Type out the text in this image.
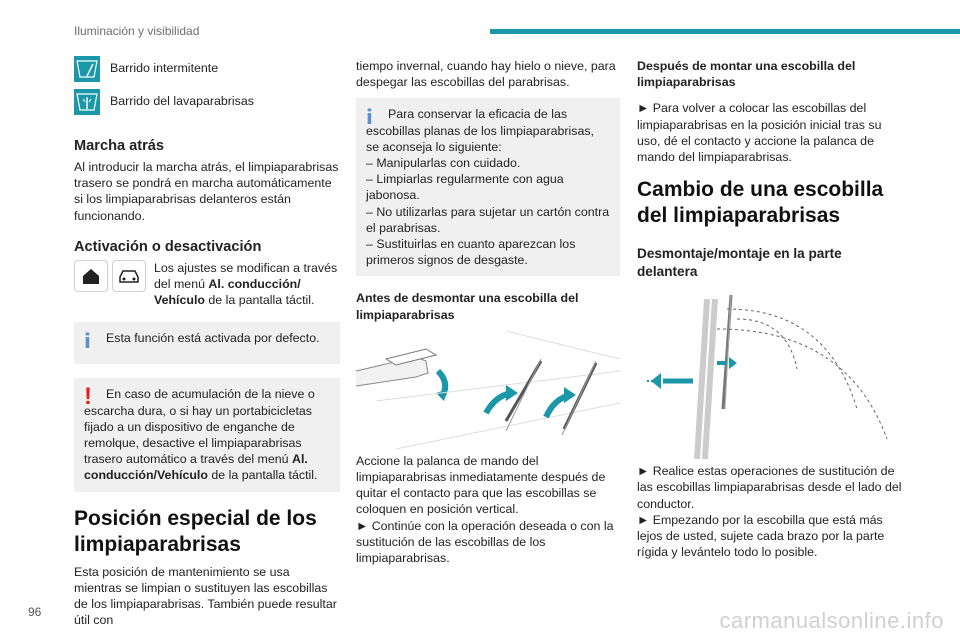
Iluminación y visibilidad

Barrido intermitente

Barrido del lavaparabrisas

Marcha atrás

Al introducir la marcha atrás, el limpiaparabrisas trasero se pondrá en marcha automáticamente si los limpiaparabrisas delanteros están funcionando.

Activación o desactivación

Los ajustes se modifican a través del menú Al. conducción/ Vehículo de la pantalla táctil.

i	Esta función está activada por defecto.

!	En caso de acumulación de la nieve o escarcha dura, o si hay un portabicicletas fijado a un dispositivo de enganche de remolque, desactive el limpiaparabrisas trasero automático a través del menú Al. conducción/Vehículo de la pantalla táctil.

Posición especial de los limpiaparabrisas

Esta posición de mantenimiento se usa mientras se limpian o sustituyen las escobillas de los limpiaparabrisas. También puede resultar útil con

tiempo invernal, cuando hay hielo o nieve, para despegar las escobillas del parabrisas.

i	Para conservar la eficacia de las escobillas planas de los limpiaparabrisas, se aconseja lo siguiente:

– Manipularlas con cuidado.

– Limpiarlas regularmente con agua jabonosa.

– No utilizarlas para sujetar un cartón contra el parabrisas.

– Sustituirlas en cuanto aparezcan los primeros signos de desgaste.

Antes de desmontar una escobilla del limpiaparabrisas

Accione la palanca de mando del limpiaparabrisas inmediatamente después de quitar el contacto para que las escobillas se coloquen en posición vertical.

► Continúe con la operación deseada o con la sustitución de las escobillas de los limpiaparabrisas.

Después de montar una escobilla del limpiaparabrisas

► Para volver a colocar las escobillas del limpiaparabrisas en la posición inicial tras su uso, dé el contacto y accione la palanca de mando del limpiaparabrisas.

Cambio de una escobilla del limpiaparabrisas
Desmontaje/montaje en la parte delantera

► Realice estas operaciones de sustitución de las escobillas limpiaparabrisas desde el lado del conductor.

► Empezando por la escobilla que está más lejos de usted, sujete cada brazo por la parte rígida y levántelo todo lo posible.

96	carmanualsonline.info
